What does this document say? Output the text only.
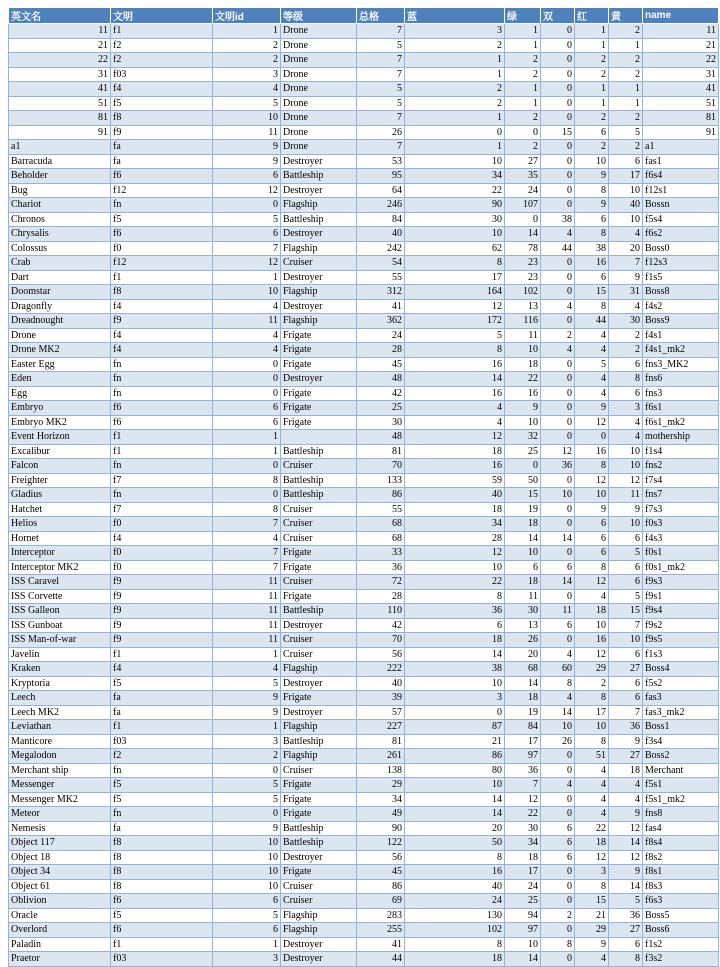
英文名	文明	文明id	等级	总格	蓝	绿	双	红	黄	name
11	f1	1	Drone	7	3	1	0	1	2	11
21	f2	2	Drone	5	2	1	0	1	1	21
22	f2	2	Drone	7	1	2	0	2	2	22
31	f03	3	Drone	7	1	2	0	2	2	31
41	f4	4	Drone	5	2	1	0	1	1	41
51	f5	5	Drone	5	2	1	0	1	1	51
81	f8	10	Drone	7	1	2	0	2	2	81
91	f9	11	Drone	26	0	0	15	6	5	91
a1	fa	9	Drone	7	1	2	0	2	2	a1
Barracuda	fa	9	Destroyer	53	10	27	0	10	6	fas1
Beholder	f6	6	Battleship	95	34	35	0	9	17	f6s4
Bug	f12	12	Destroyer	64	22	24	0	8	10	f12s1
Chariot	fn	0	Flagship	246	90	107	0	9	40	Bossn
Chronos	f5	5	Battleship	84	30	0	38	6	10	f5s4
Chrysalis	f6	6	Destroyer	40	10	14	4	8	4	f6s2
Colossus	f0	7	Flagship	242	62	78	44	38	20	Boss0
Crab	f12	12	Cruiser	54	8	23	0	16	7	f12s3
Dart	f1	1	Destroyer	55	17	23	0	6	9	f1s5
Doomstar	f8	10	Flagship	312	164	102	0	15	31	Boss8
Dragonfly	f4	4	Destroyer	41	12	13	4	8	4	f4s2
Dreadnought	f9	11	Flagship	362	172	116	0	44	30	Boss9
Drone	f4	4	Frigate	24	5	11	2	4	2	f4s1
Drone MK2	f4	4	Frigate	28	8	10	4	4	2	f4s1_mk2
Easter Egg	fn	0	Frigate	45	16	18	0	5	6	fns3_MK2
Eden	fn	0	Destroyer	48	14	22	0	4	8	fns6
Egg	fn	0	Frigate	42	16	16	0	4	6	fns3
Embryo	f6	6	Frigate	25	4	9	0	9	3	f6s1
Embryo MK2	f6	6	Frigate	30	4	10	0	12	4	f6s1_mk2
Event Horizon	f1	1		48	12	32	0	0	4	mothership
Excalibur	f1	1	Battleship	81	18	25	12	16	10	f1s4
Falcon	fn	0	Cruiser	70	16	0	36	8	10	fns2
Freighter	f7	8	Battleship	133	59	50	0	12	12	f7s4
Gladius	fn	0	Battleship	86	40	15	10	10	11	fns7
Hatchet	f7	8	Cruiser	55	18	19	0	9	9	f7s3
Helios	f0	7	Cruiser	68	34	18	0	6	10	f0s3
Hornet	f4	4	Cruiser	68	28	14	14	6	6	f4s3
Interceptor	f0	7	Frigate	33	12	10	0	6	5	f0s1
Interceptor MK2	f0	7	Frigate	36	10	6	6	8	6	f0s1_mk2
ISS Caravel	f9	11	Cruiser	72	22	18	14	12	6	f9s3
ISS Corvette	f9	11	Frigate	28	8	11	0	4	5	f9s1
ISS Galleon	f9	11	Battleship	110	36	30	11	18	15	f9s4
ISS Gunboat	f9	11	Destroyer	42	6	13	6	10	7	f9s2
ISS Man-of-war	f9	11	Cruiser	70	18	26	0	16	10	f9s5
Javelin	f1	1	Cruiser	56	14	20	4	12	6	f1s3
Kraken	f4	4	Flagship	222	38	68	60	29	27	Boss4
Kryptoria	f5	5	Destroyer	40	10	14	8	2	6	f5s2
Leech	fa	9	Frigate	39	3	18	4	8	6	fas3
Leech MK2	fa	9	Destroyer	57	0	19	14	17	7	fas3_mk2
Leviathan	f1	1	Flagship	227	87	84	10	10	36	Boss1
Manticore	f03	3	Battleship	81	21	17	26	8	9	f3s4
Megalodon	f2	2	Flagship	261	86	97	0	51	27	Boss2
Merchant ship	fn	0	Cruiser	138	80	36	0	4	18	Merchant
Messenger	f5	5	Frigate	29	10	7	4	4	4	f5s1
Messenger MK2	f5	5	Frigate	34	14	12	0	4	4	f5s1_mk2
Meteor	fn	0	Frigate	49	14	22	0	4	9	fns8
Nemesis	fa	9	Battleship	90	20	30	6	22	12	fas4
Object 117	f8	10	Battleship	122	50	34	6	18	14	f8s4
Object 18	f8	10	Destroyer	56	8	18	6	12	12	f8s2
Object 34	f8	10	Frigate	45	16	17	0	3	9	f8s1
Object 61	f8	10	Cruiser	86	40	24	0	8	14	f8s3
Oblivion	f6	6	Cruiser	69	24	25	0	15	5	f6s3
Oracle	f5	5	Flagship	283	130	94	2	21	36	Boss5
Overlord	f6	6	Flagship	255	102	97	0	29	27	Boss6
Paladin	f1	1	Destroyer	41	8	10	8	9	6	f1s2
Praetor	f03	3	Destroyer	44	18	14	0	4	8	f3s2
